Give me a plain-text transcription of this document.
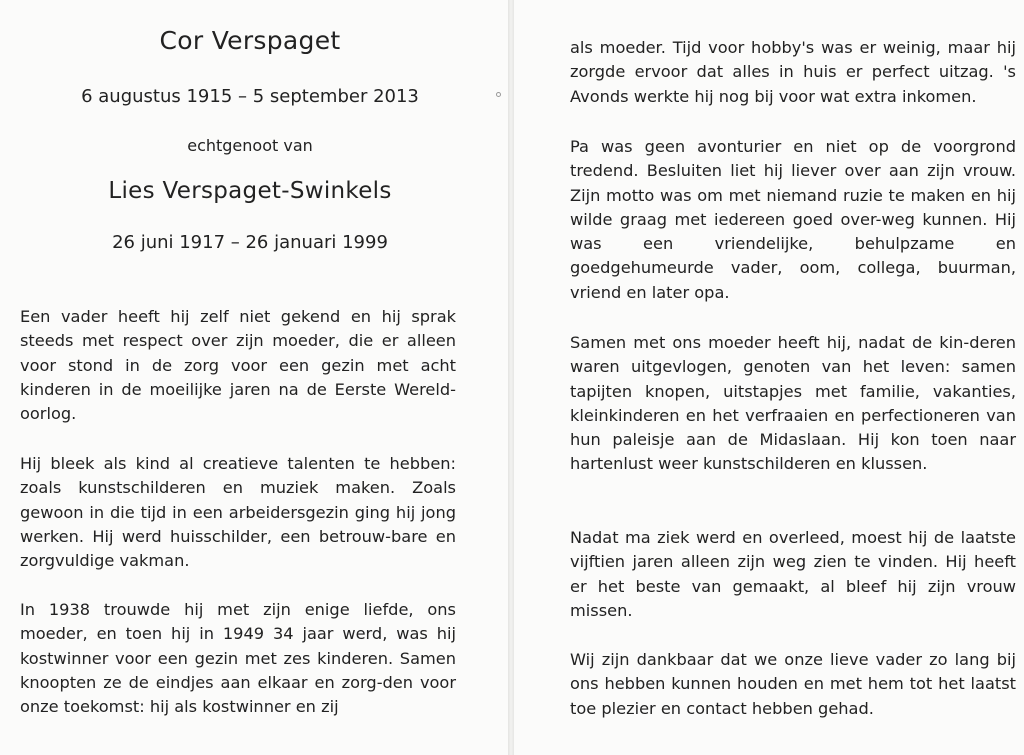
Cor Verspaget
6 augustus 1915 – 5 september 2013
echtgenoot van
Lies Verspaget-Swinkels
26 juni 1917 – 26 januari 1999

Een vader heeft hij zelf niet gekend en hij sprak steeds met respect over zijn moeder, die er alleen voor stond in de zorg voor een gezin met acht kinderen in de moeilijke jaren na de Eerste Wereld-oorlog.

Hij bleek als kind al creatieve talenten te hebben: zoals kunstschilderen en muziek maken. Zoals gewoon in die tijd in een arbeidersgezin ging hij jong werken. Hij werd huisschilder, een betrouw-bare en zorgvuldige vakman.

In 1938 trouwde hij met zijn enige liefde, ons moeder, en toen hij in 1949 34 jaar werd, was hij kostwinner voor een gezin met zes kinderen. Samen knoopten ze de eindjes aan elkaar en zorg-den voor onze toekomst: hij als kostwinner en zij

als moeder. Tijd voor hobby's was er weinig, maar hij zorgde ervoor dat alles in huis er perfect uitzag. 's Avonds werkte hij nog bij voor wat extra inkomen.

Pa was geen avonturier en niet op de voorgrond tredend. Besluiten liet hij liever over aan zijn vrouw. Zijn motto was om met niemand ruzie te maken en hij wilde graag met iedereen goed over-weg kunnen. Hij was een vriendelijke, behulpzame en goedgehumeurde vader, oom, collega, buurman, vriend en later opa.

Samen met ons moeder heeft hij, nadat de kin-deren waren uitgevlogen, genoten van het leven: samen tapijten knopen, uitstapjes met familie, vakanties, kleinkinderen en het verfraaien en perfectioneren van hun paleisje aan de Midaslaan. Hij kon toen naar hartenlust weer kunstschilderen en klussen.

Nadat ma ziek werd en overleed, moest hij de laatste vijftien jaren alleen zijn weg zien te vinden. Hij heeft er het beste van gemaakt, al bleef hij zijn vrouw missen.

Wij zijn dankbaar dat we onze lieve vader zo lang bij ons hebben kunnen houden en met hem tot het laatst toe plezier en contact hebben gehad.
